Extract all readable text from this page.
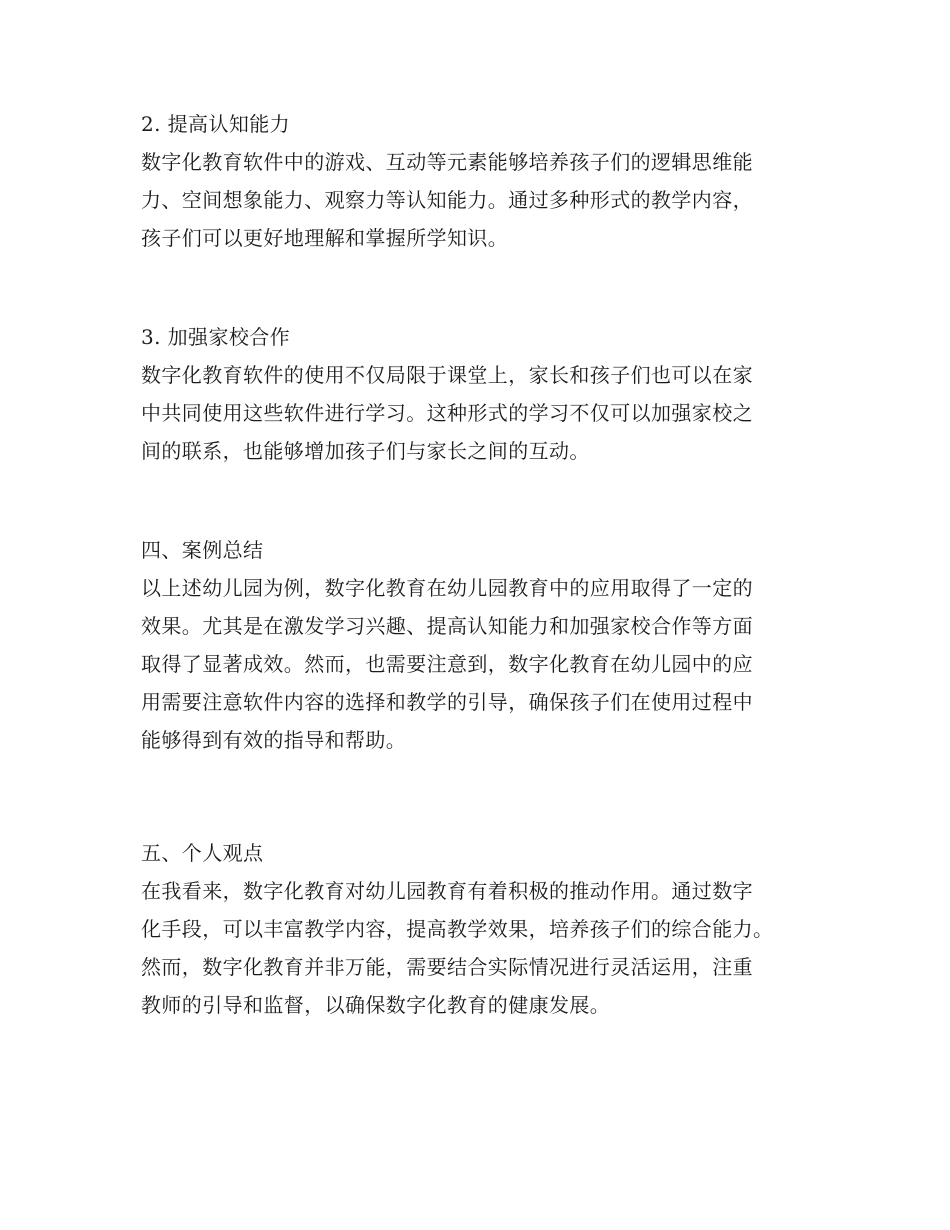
2. 提高认知能力
数字化教育软件中的游戏、互动等元素能够培养孩子们的逻辑思维能
力、空间想象能力、观察力等认知能力。通过多种形式的教学内容，
孩子们可以更好地理解和掌握所学知识。
3. 加强家校合作
数字化教育软件的使用不仅局限于课堂上，家长和孩子们也可以在家
中共同使用这些软件进行学习。这种形式的学习不仅可以加强家校之
间的联系，也能够增加孩子们与家长之间的互动。
四、案例总结
以上述幼儿园为例，数字化教育在幼儿园教育中的应用取得了一定的
效果。尤其是在激发学习兴趣、提高认知能力和加强家校合作等方面
取得了显著成效。然而，也需要注意到，数字化教育在幼儿园中的应
用需要注意软件内容的选择和教学的引导，确保孩子们在使用过程中
能够得到有效的指导和帮助。
五、个人观点
在我看来，数字化教育对幼儿园教育有着积极的推动作用。通过数字
化手段，可以丰富教学内容，提高教学效果，培养孩子们的综合能力。
然而，数字化教育并非万能，需要结合实际情况进行灵活运用，注重
教师的引导和监督，以确保数字化教育的健康发展。
